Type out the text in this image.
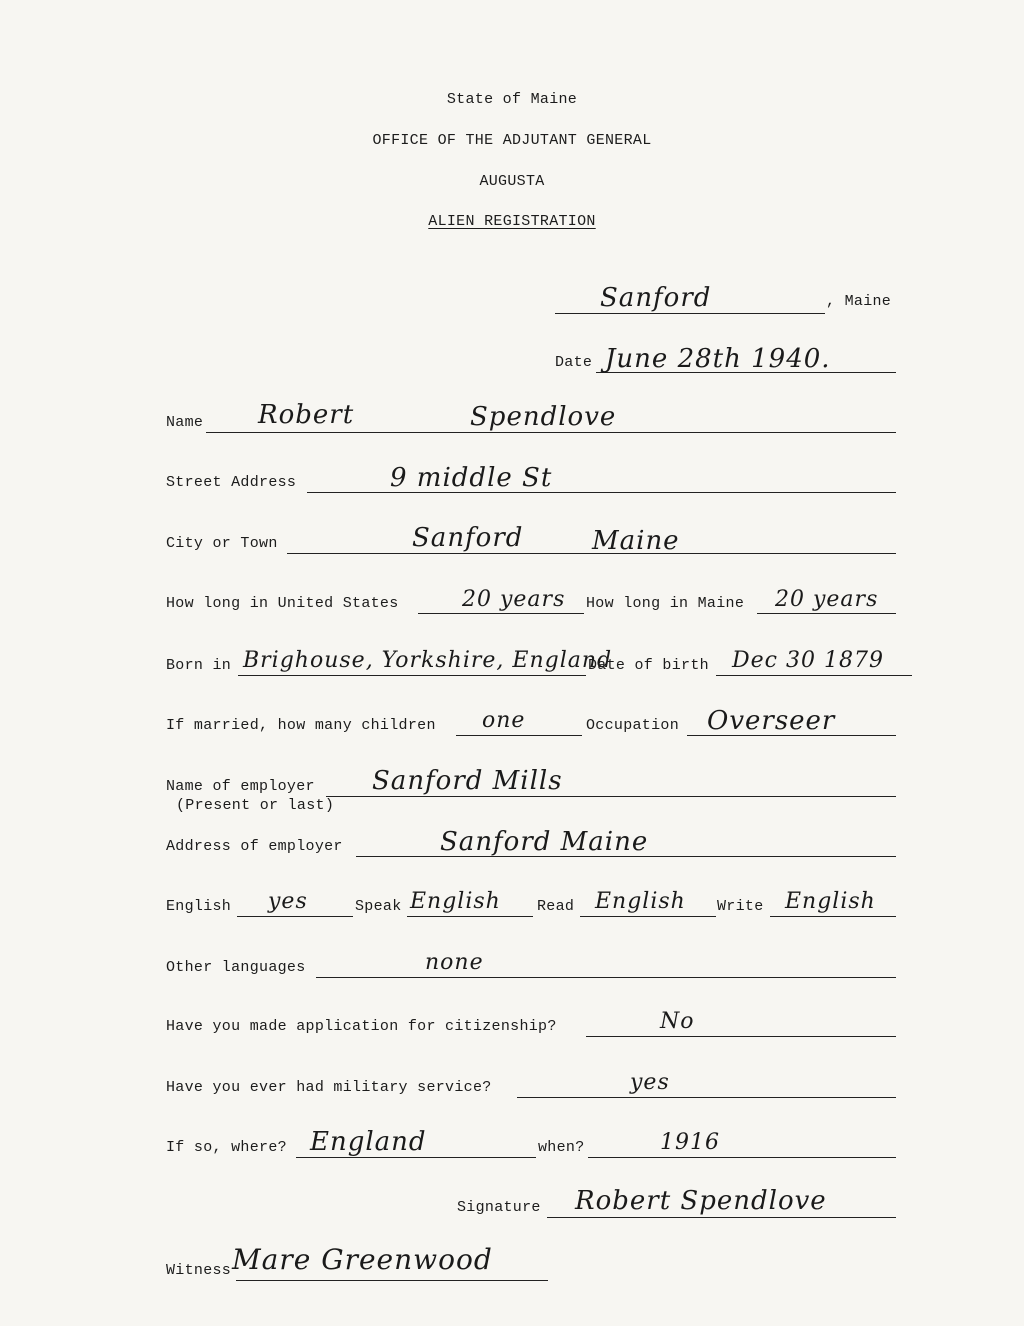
State of Maine
OFFICE OF THE ADJUTANT GENERAL
AUGUSTA
ALIEN REGISTRATION
Sanford	, Maine
Date June 28th 1940.
Name Robert	Spendlove
Street Address	9 middle St
City or Town	Sanford	Maine
How long in United States	20 years How long in Maine 20 years
Born in Brighouse, Yorkshire, England
Date of birth Dec 30 1879
If married, how many children one	Occupation Overseer
Name of employer
(Present or last)
Sanford Mills
Address of employer	Sanford Maine
English yes	Speak English Read English Write English
Other languages	none
Have you made application for citizenship?	No
Have you ever had military service?	yes
If so, where? England	when?	1916
Signature Robert Spendlove
Witness Mare Greenwood
